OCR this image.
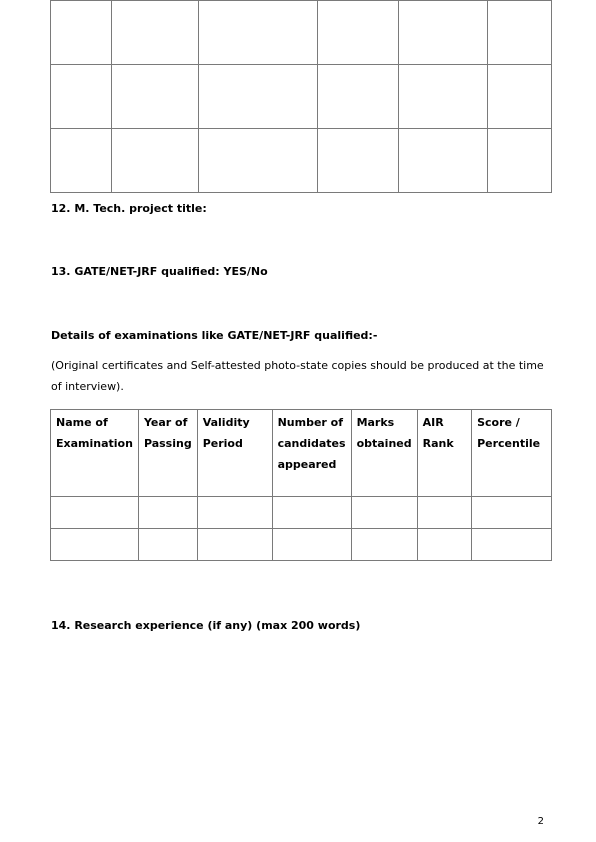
12. M. Tech. project title:
13. GATE/NET-JRF qualified: YES/No
Details of examinations like GATE/NET-JRF qualified:-
(Original certificates and Self-attested photo-state copies should be produced at the time of interview).
Name of Examination	Year of Passing	Validity Period	Number of candidates appeared	Marks obtained	AIR Rank	Score / Percentile

14. Research experience (if any) (max 200 words)
2
